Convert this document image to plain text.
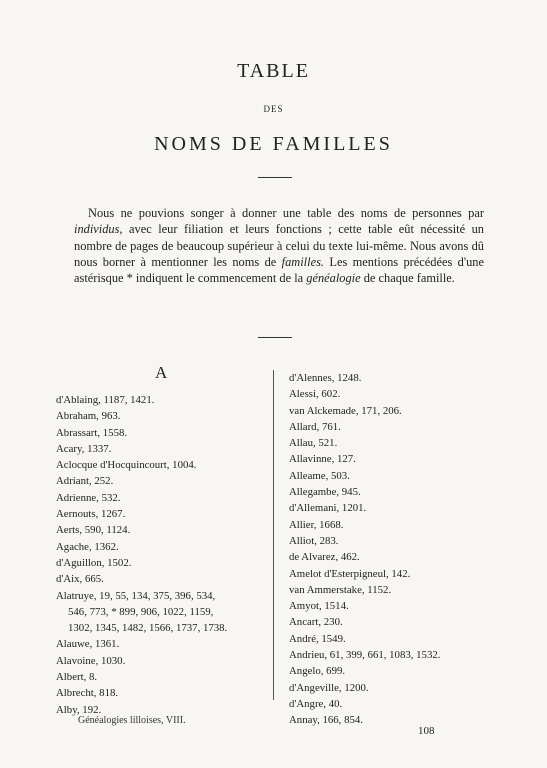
TABLE
DES
NOMS DE FAMILLES

Nous ne pouvions songer à donner une table des noms de personnes par individus, avec leur filiation et leurs fonctions ; cette table eût nécessité un nombre de pages de beaucoup supérieur à celui du texte lui-même. Nous avons dû nous borner à mentionner les noms de familles. Les mentions précédées d'une astérisque * indiquent le commencement de la généalogie de chaque famille.

A
d'Ablaing, 1187, 1421.
Abraham, 963.
Abrassart, 1558.
Acary, 1337.
Aclocque d'Hocquincourt, 1004.
Adriant, 252.
Adrienne, 532.
Aernouts, 1267.
Aerts, 590, 1124.
Agache, 1362.
d'Aguillon, 1502.
d'Aix, 665.
Alatruye, 19, 55, 134, 375, 396, 534,
546, 773, * 899, 906, 1022, 1159,
1302, 1345, 1482, 1566, 1737, 1738.
Alauwe, 1361.
Alavoine, 1030.
Albert, 8.
Albrecht, 818.
Alby, 192.
d'Alennes, 1248.
Alessi, 602.
van Alckemade, 171, 206.
Allard, 761.
Allau, 521.
Allavinne, 127.
Alleame, 503.
Allegambe, 945.
d'Allemani, 1201.
Allier, 1668.
Alliot, 283.
de Alvarez, 462.
Amelot d'Esterpigneul, 142.
van Ammerstake, 1152.
Amyot, 1514.
Ancart, 230.
André, 1549.
Andrieu, 61, 399, 661, 1083, 1532.
Angelo, 699.
d'Angeville, 1200.
d'Angre, 40.
Annay, 166, 854.
Généalogies lilloises, VIII.
108
